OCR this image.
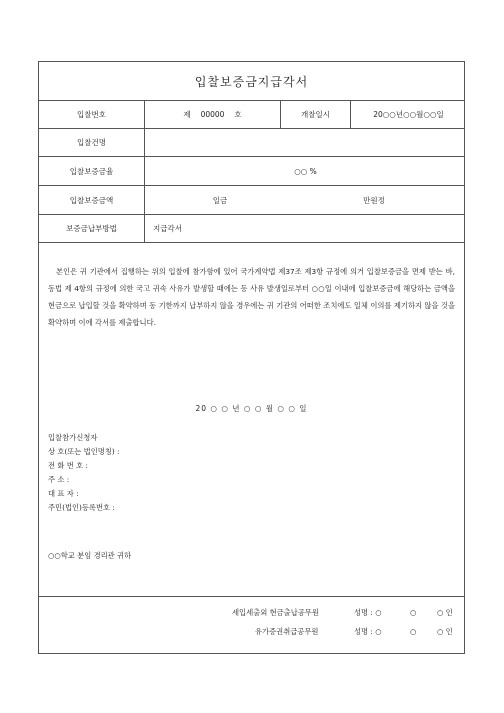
입찰보증금지급각서
입찰번호	제 00000 호	개찰일시	20○○년○○월○○일
입찰건명
입찰보증금율	○○ %
입찰보증금액	일금	만원정
보증금납부방법	지급각서
본인은 귀 기관에서 집행하는 위의 입찰에 참가함에 있어 국가계약법 제37조 제3항 규정에 의거 입찰보증금을 면제 받는 바, 동법 제 4항의 규정에 의한 국고 귀속 사유가 발생할 때에는 동 사유 발생일로부터 ○○일 이내에 입찰보증금에 해당하는 금액을 현금으로 납입할 것을 확약하며 동 기한까지 납부하지 않을 경우에는 귀 기관의 어떠한 조치에도 일체 이의를 제기하지 않을 것을 확약하며 이에 각서를 제출합니다.
20 ○ ○ 년 ○ ○ 월 ○ ○ 일
입찰참가신청자
상 호(또는 법인명칭) :
전 화 번 호 :
주 소 :
대 표 자 :
주민(법인)등록번호 :
○○학교 분임 경리관 귀하
세입세출외 현금출납공무원	성명 : ○	○	○ 인
유가증권취급공무원	성명 : ○	○	○ 인
